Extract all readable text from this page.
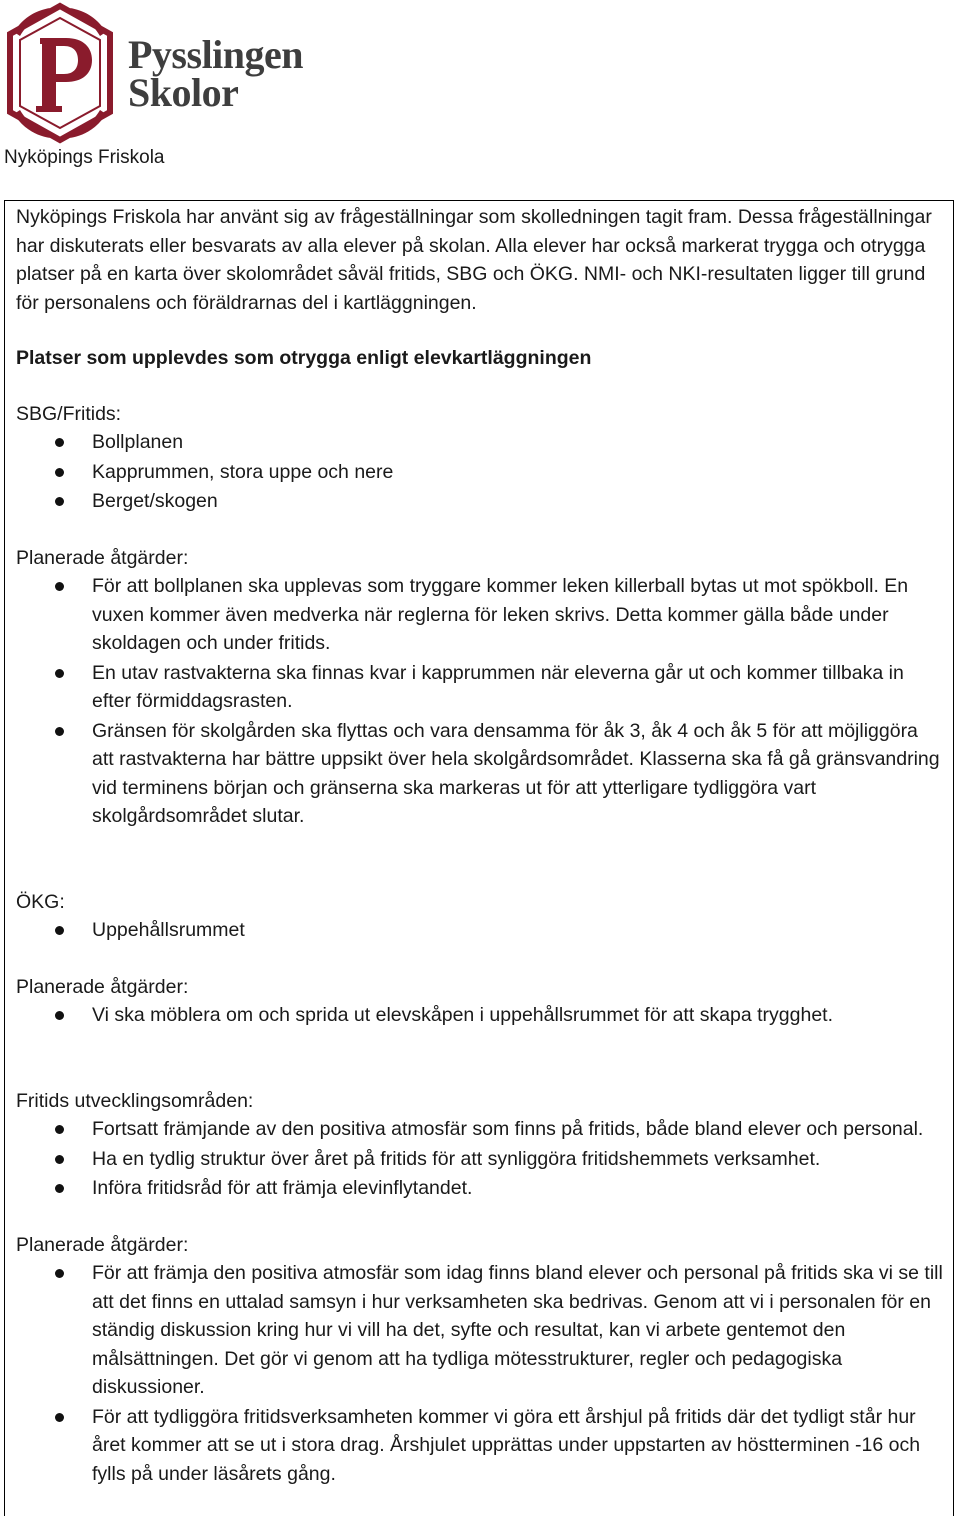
Pysslingen
Skolor
Nyköpings Friskola

Nyköpings Friskola har använt sig av frågeställningar som skolledningen tagit fram. Dessa frågeställningar har diskuterats eller besvarats av alla elever på skolan. Alla elever har också markerat trygga och otrygga platser på en karta över skolområdet såväl fritids, SBG och ÖKG. NMI- och NKI-resultaten ligger till grund för personalens och föräldrarnas del i kartläggningen.

Platser som upplevdes som otrygga enligt elevkartläggningen

SBG/Fritids:

Bollplanen
Kapprummen, stora uppe och nere
Berget/skogen

Planerade åtgärder:

För att bollplanen ska upplevas som tryggare kommer leken killerball bytas ut mot spökboll. En vuxen kommer även medverka när reglerna för leken skrivs. Detta kommer gälla både under skoldagen och under fritids.
En utav rastvakterna ska finnas kvar i kapprummen när eleverna går ut och kommer tillbaka in efter förmiddagsrasten.
Gränsen för skolgården ska flyttas och vara densamma för åk 3, åk 4 och åk 5 för att möjliggöra att rastvakterna har bättre uppsikt över hela skolgårdsområdet. Klasserna ska få gå gränsvandring vid terminens början och gränserna ska markeras ut för att ytterligare tydliggöra vart skolgårdsområdet slutar.

ÖKG:

Uppehållsrummet

Planerade åtgärder:

Vi ska möblera om och sprida ut elevskåpen i uppehållsrummet för att skapa trygghet.

Fritids utvecklingsområden:

Fortsatt främjande av den positiva atmosfär som finns på fritids, både bland elever och personal.
Ha en tydlig struktur över året på fritids för att synliggöra fritidshemmets verksamhet.
Införa fritidsråd för att främja elevinflytandet.

Planerade åtgärder:

För att främja den positiva atmosfär som idag finns bland elever och personal på fritids ska vi se till att det finns en uttalad samsyn i hur verksamheten ska bedrivas. Genom att vi i personalen för en ständig diskussion kring hur vi vill ha det, syfte och resultat, kan vi arbete gentemot den målsättningen. Det gör vi genom att ha tydliga mötesstrukturer, regler och pedagogiska diskussioner.
För att tydliggöra fritidsverksamheten kommer vi göra ett årshjul på fritids där det tydligt står hur året kommer att se ut i stora drag. Årshjulet upprättas under uppstarten av höstterminen -16 och fylls på under läsårets gång.
